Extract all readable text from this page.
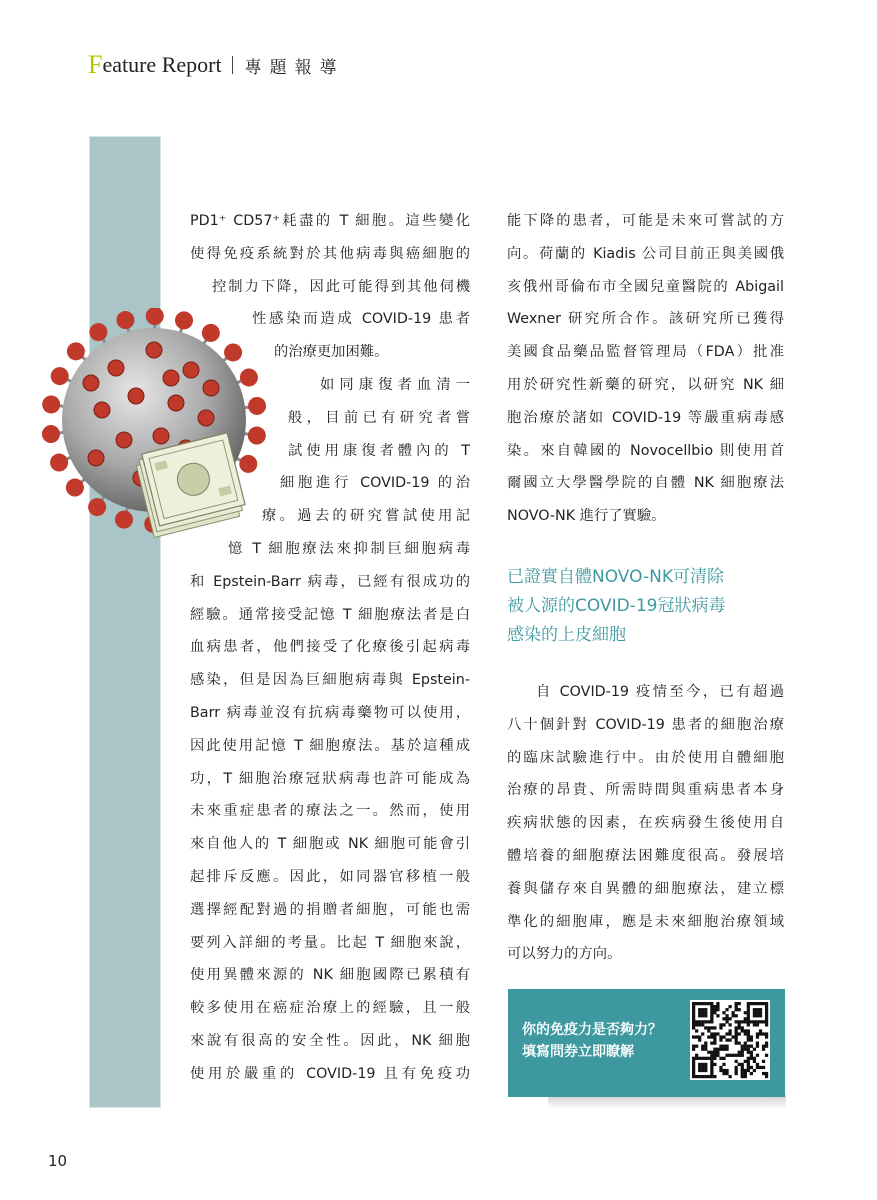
F eature Report 專題報導
PD1⁺ CD57⁺耗盡的 T 細胞。這些變化
使得免疫系統對於其他病毒與癌細胞的
控制力下降，因此可能得到其他伺機
性感染而造成 COVID-19 患者
的治療更加困難。
如同康復者血清一
般，目前已有研究者嘗
試使用康復者體內的 T
細胞進行 COVID-19 的治
療。過去的研究嘗試使用記
憶 T 細胞療法來抑制巨細胞病毒
和 Epstein-Barr 病毒，已經有很成功的
經驗。通常接受記憶 T 細胞療法者是白
血病患者，他們接受了化療後引起病毒
感染，但是因為巨細胞病毒與 Epstein-
Barr 病毒並沒有抗病毒藥物可以使用，
因此使用記憶 T 細胞療法。基於這種成
功，T 細胞治療冠狀病毒也許可能成為
未來重症患者的療法之一。然而，使用
來自他人的 T 細胞或 NK 細胞可能會引
起排斥反應。因此，如同器官移植一般
選擇經配對過的捐贈者細胞，可能也需
要列入詳細的考量。比起 T 細胞來說，
使用異體來源的 NK 細胞國際已累積有
較多使用在癌症治療上的經驗，且一般
來說有很高的安全性。因此，NK 細胞
使用於嚴重的 COVID-19 且有免疫功
能下降的患者，可能是未來可嘗試的方
向。荷蘭的 Kiadis 公司目前正與美國俄
亥俄州哥倫布市全國兒童醫院的 Abigail
Wexner 研究所合作。該研究所已獲得
美國食品藥品監督管理局（FDA）批准
用於研究性新藥的研究，以研究 NK 細
胞治療於諸如 COVID-19 等嚴重病毒感
染。來自韓國的 Novocellbio 則使用首
爾國立大學醫學院的自體 NK 細胞療法
NOVO-NK 進行了實驗。
已證實自體NOVO-NK可清除
被人源的COVID-19冠狀病毒
感染的上皮細胞
自 COVID-19 疫情至今，已有超過
八十個針對 COVID-19 患者的細胞治療
的臨床試驗進行中。由於使用自體細胞
治療的昂貴、所需時間與重病患者本身
疾病狀態的因素，在疾病發生後使用自
體培養的細胞療法困難度很高。發展培
養與儲存來自異體的細胞療法，建立標
準化的細胞庫，應是未來細胞治療領域
可以努力的方向。
你的免疫力是否夠力？
填寫問券立即瞭解
10
